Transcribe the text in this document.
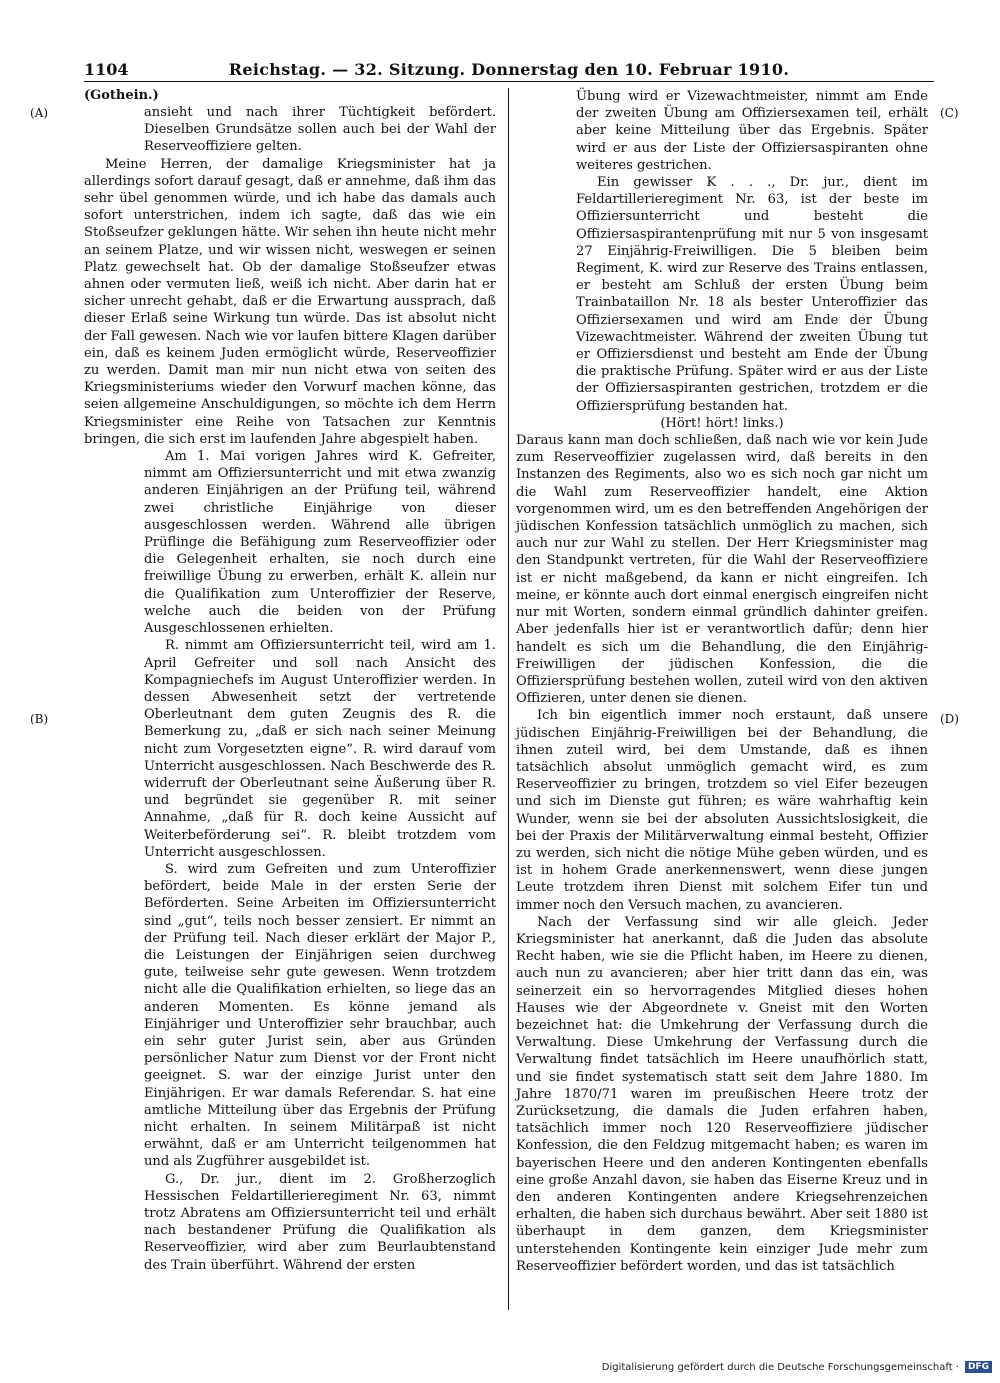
1104	Reichstag. — 32. Sitzung. Donnerstag den 10. Februar 1910.
(Gothein.)
(A)
(B)
(C)
(D)

ansieht und nach ihrer Tüchtigkeit befördert. Dieselben Grundsätze sollen auch bei der Wahl der Reserveoffiziere gelten.

Meine Herren, der damalige Kriegsminister hat ja allerdings sofort darauf gesagt, daß er annehme, daß ihm das sehr übel genommen würde, und ich habe das damals auch sofort unterstrichen, indem ich sagte, daß das wie ein Stoßseufzer geklungen hätte. Wir sehen ihn heute nicht mehr an seinem Platze, und wir wissen nicht, weswegen er seinen Platz gewechselt hat. Ob der damalige Stoßseufzer etwas ahnen oder vermuten ließ, weiß ich nicht. Aber darin hat er sicher unrecht gehabt, daß er die Erwartung aussprach, daß dieser Erlaß seine Wirkung tun würde. Das ist absolut nicht der Fall gewesen. Nach wie vor laufen bittere Klagen darüber ein, daß es keinem Juden ermöglicht würde, Reserveoffizier zu werden. Damit man mir nun nicht etwa von seiten des Kriegsministeriums wieder den Vorwurf machen könne, das seien allgemeine Anschuldigungen, so möchte ich dem Herrn Kriegsminister eine Reihe von Tatsachen zur Kenntnis bringen, die sich erst im laufenden Jahre abgespielt haben.

Am 1. Mai vorigen Jahres wird K. Gefreiter, nimmt am Offiziersunterricht und mit etwa zwanzig anderen Einjährigen an der Prüfung teil, während zwei christliche Einjährige von dieser ausgeschlossen werden. Während alle übrigen Prüflinge die Befähigung zum Reserveoffizier oder die Gelegenheit erhalten, sie noch durch eine freiwillige Übung zu erwerben, erhält K. allein nur die Qualifikation zum Unteroffizier der Reserve, welche auch die beiden von der Prüfung Ausgeschlossenen erhielten.

R. nimmt am Offiziersunterricht teil, wird am 1. April Gefreiter und soll nach Ansicht des Kompagniechefs im August Unteroffizier werden. In dessen Abwesenheit setzt der vertretende Oberleutnant dem guten Zeugnis des R. die Bemerkung zu, „daß er sich nach seiner Meinung nicht zum Vorgesetzten eigne“. R. wird darauf vom Unterricht ausgeschlossen. Nach Beschwerde des R. widerruft der Oberleutnant seine Äußerung über R. und begründet sie gegenüber R. mit seiner Annahme, „daß für R. doch keine Aussicht auf Weiterbeförderung sei“. R. bleibt trotzdem vom Unterricht ausgeschlossen.

S. wird zum Gefreiten und zum Unteroffizier befördert, beide Male in der ersten Serie der Beförderten. Seine Arbeiten im Offiziersunterricht sind „gut“, teils noch besser zensiert. Er nimmt an der Prüfung teil. Nach dieser erklärt der Major P., die Leistungen der Einjährigen seien durchweg gute, teilweise sehr gute gewesen. Wenn trotzdem nicht alle die Qualifikation erhielten, so liege das an anderen Momenten. Es könne jemand als Einjähriger und Unteroffizier sehr brauchbar, auch ein sehr guter Jurist sein, aber aus Gründen persönlicher Natur zum Dienst vor der Front nicht geeignet. S. war der einzige Jurist unter den Einjährigen. Er war damals Referendar. S. hat eine amtliche Mitteilung über das Ergebnis der Prüfung nicht erhalten. In seinem Militärpaß ist nicht erwähnt, daß er am Unterricht teilgenommen hat und als Zugführer ausgebildet ist.

G., Dr. jur., dient im 2. Großherzoglich Hessischen Feldartillerieregiment Nr. 63, nimmt trotz Abratens am Offiziersunterricht teil und erhält nach bestandener Prüfung die Qualifikation als Reserveoffizier, wird aber zum Beurlaubtenstand des Train überführt. Während der ersten

Übung wird er Vizewachtmeister, nimmt am Ende der zweiten Übung am Offiziersexamen teil, erhält aber keine Mitteilung über das Ergebnis. Später wird er aus der Liste der Offiziersaspiranten ohne weiteres gestrichen.

Ein gewisser K . . ., Dr. jur., dient im Feldartillerieregiment Nr. 63, ist der beste im Offiziersunterricht und besteht die Offiziersaspirantenprüfung mit nur 5 von insgesamt 27 Einjährig-Freiwilligen. Die 5 bleiben beim Regiment, K. wird zur Reserve des Trains entlassen, er besteht am Schluß der ersten Übung beim Trainbataillon Nr. 18 als bester Unteroffizier das Offiziersexamen und wird am Ende der Übung Vizewachtmeister. Während der zweiten Übung tut er Offiziersdienst und besteht am Ende der Übung die praktische Prüfung. Später wird er aus der Liste der Offiziersaspiranten gestrichen, trotzdem er die Offiziersprüfung bestanden hat.

(Hört! hört! links.)

Daraus kann man doch schließen, daß nach wie vor kein Jude zum Reserveoffizier zugelassen wird, daß bereits in den Instanzen des Regiments, also wo es sich noch gar nicht um die Wahl zum Reserveoffizier handelt, eine Aktion vorgenommen wird, um es den betreffenden Angehörigen der jüdischen Konfession tatsächlich unmöglich zu machen, sich auch nur zur Wahl zu stellen. Der Herr Kriegsminister mag den Standpunkt vertreten, für die Wahl der Reserveoffiziere ist er nicht maßgebend, da kann er nicht eingreifen. Ich meine, er könnte auch dort einmal energisch eingreifen nicht nur mit Worten, sondern einmal gründlich dahinter greifen. Aber jedenfalls hier ist er verantwortlich dafür; denn hier handelt es sich um die Behandlung, die den Einjährig-Freiwilligen der jüdischen Konfession, die die Offiziersprüfung bestehen wollen, zuteil wird von den aktiven Offizieren, unter denen sie dienen.

Ich bin eigentlich immer noch erstaunt, daß unsere jüdischen Einjährig-Freiwilligen bei der Behandlung, die ihnen zuteil wird, bei dem Umstande, daß es ihnen tatsächlich absolut unmöglich gemacht wird, es zum Reserveoffizier zu bringen, trotzdem so viel Eifer bezeugen und sich im Dienste gut führen; es wäre wahrhaftig kein Wunder, wenn sie bei der absoluten Aussichtslosigkeit, die bei der Praxis der Militärverwaltung einmal besteht, Offizier zu werden, sich nicht die nötige Mühe geben würden, und es ist in hohem Grade anerkennenswert, wenn diese jungen Leute trotzdem ihren Dienst mit solchem Eifer tun und immer noch den Versuch machen, zu avancieren.

Nach der Verfassung sind wir alle gleich. Jeder Kriegsminister hat anerkannt, daß die Juden das absolute Recht haben, wie sie die Pflicht haben, im Heere zu dienen, auch nun zu avancieren; aber hier tritt dann das ein, was seinerzeit ein so hervorragendes Mitglied dieses hohen Hauses wie der Abgeordnete v. Gneist mit den Worten bezeichnet hat: die Umkehrung der Verfassung durch die Verwaltung. Diese Umkehrung der Verfassung durch die Verwaltung findet tatsächlich im Heere unaufhörlich statt, und sie findet systematisch statt seit dem Jahre 1880. Im Jahre 1870/71 waren im preußischen Heere trotz der Zurücksetzung, die damals die Juden erfahren haben, tatsächlich immer noch 120 Reserveoffiziere jüdischer Konfession, die den Feldzug mitgemacht haben; es waren im bayerischen Heere und den anderen Kontingenten ebenfalls eine große Anzahl davon, sie haben das Eiserne Kreuz und in den anderen Kontingenten andere Kriegsehrenzeichen erhalten, die haben sich durchaus bewährt. Aber seit 1880 ist überhaupt in dem ganzen, dem Kriegsminister unterstehenden Kontingente kein einziger Jude mehr zum Reserveoffizier befördert worden, und das ist tatsächlich

Digitalisierung gefördert durch die Deutsche Forschungsgemeinschaft ·	DFG
